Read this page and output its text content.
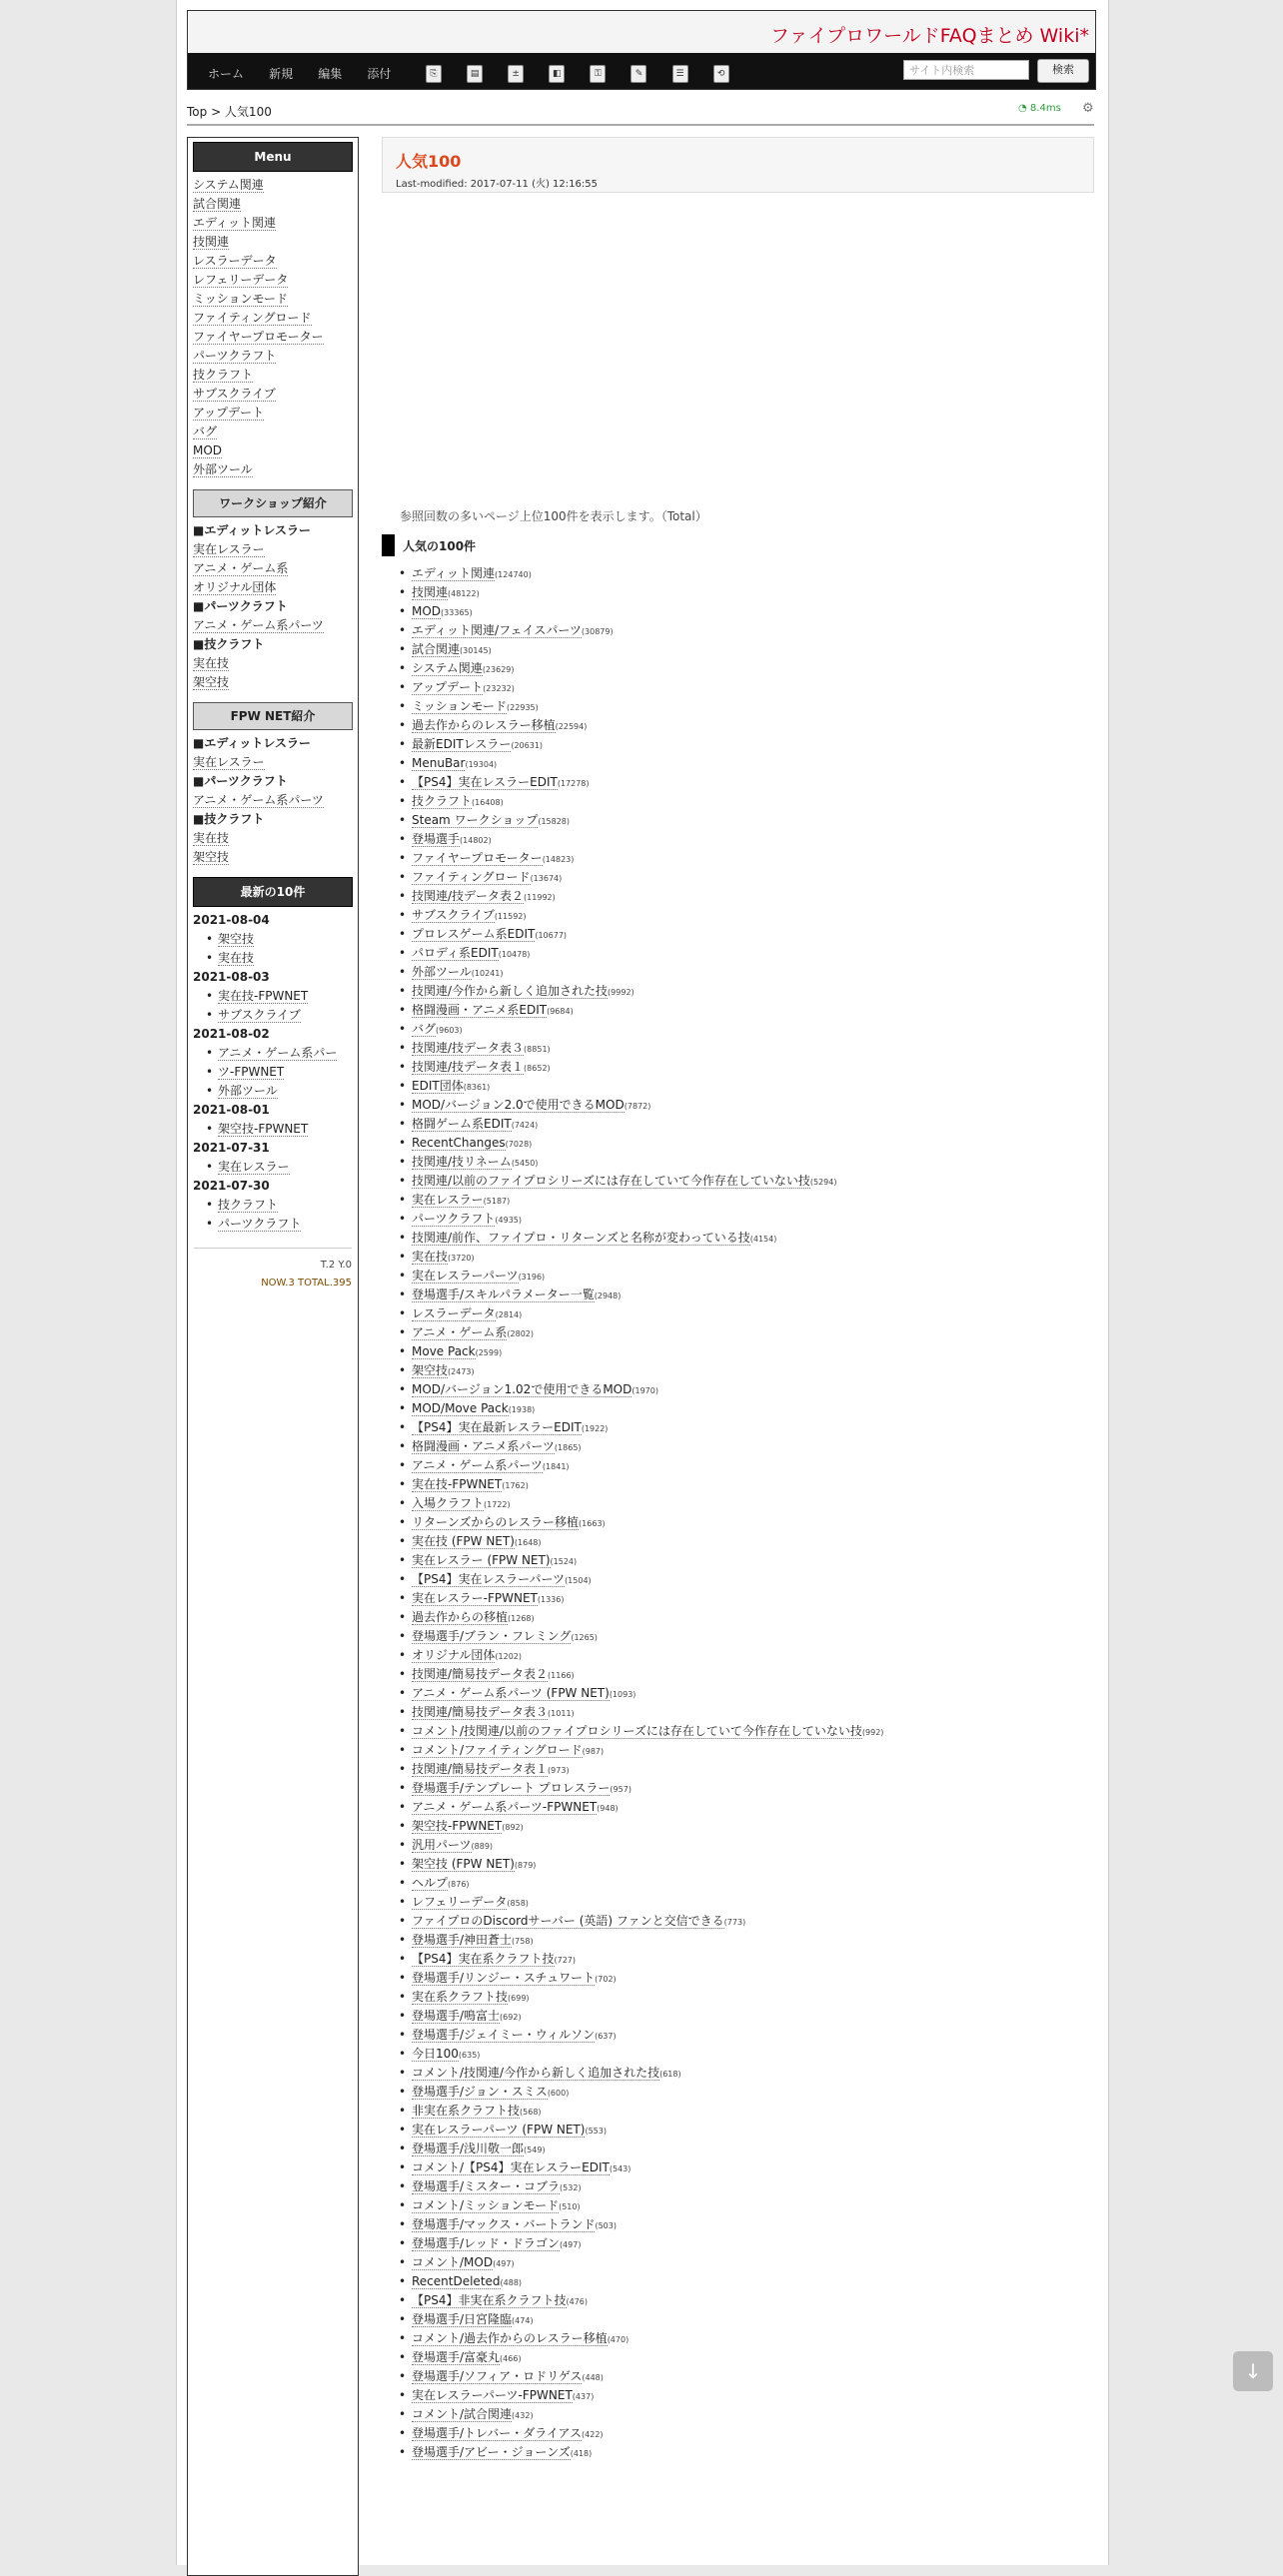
ファイプロワールドFAQまとめ Wiki*
ホーム 新規 編集 添付	⎘	▤	±	◧	⚿	✎	☰	⟲	サイト内検索	検索
Top > 人気100	◔ 8.4ms ⚙
Menu
システム関連
試合関連
エディット関連
技関連
レスラーデータ
レフェリーデータ
ミッションモード
ファイティングロード
ファイヤープロモーター
パーツクラフト
技クラフト
サブスクライブ
アップデート
バグ
MOD
外部ツール
ワークショップ紹介
■エディットレスラー
実在レスラー
アニメ・ゲーム系
オリジナル団体
■パーツクラフト
アニメ・ゲーム系パーツ
■技クラフト
実在技
架空技
FPW NET紹介
■エディットレスラー
実在レスラー
■パーツクラフト
アニメ・ゲーム系パーツ
■技クラフト
実在技
架空技
最新の10件
2021-08-04
• 架空技
• 実在技
2021-08-03
• 実在技-FPWNET
• サブスクライブ
2021-08-02
• アニメ・ゲーム系パー
• ツ-FPWNET
• 外部ツール
2021-08-01
• 架空技-FPWNET
2021-07-31
• 実在レスラー
2021-07-30
• 技クラフト
• パーツクラフト
T.2 Y.0
NOW.3 TOTAL.395
人気100
Last-modified: 2017-07-11 (火) 12:16:55
参照回数の多いページ上位100件を表示します。（Total）
人気の100件
• エディット関連(124740)
• 技関連(48122)
• MOD(33365)
• エディット関連/フェイスパーツ(30879)
• 試合関連(30145)
• システム関連(23629)
• アップデート(23232)
• ミッションモード(22935)
• 過去作からのレスラー移植(22594)
• 最新EDITレスラー(20631)
• MenuBar(19304)
• 【PS4】実在レスラーEDIT(17278)
• 技クラフト(16408)
• Steam ワークショップ(15828)
• 登場選手(14802)
• ファイヤープロモーター(14823)
• ファイティングロード(13674)
• 技関連/技データ表２(11992)
• サブスクライブ(11592)
• プロレスゲーム系EDIT(10677)
• パロディ系EDIT(10478)
• 外部ツール(10241)
• 技関連/今作から新しく追加された技(9992)
• 格闘漫画・アニメ系EDIT(9684)
• バグ(9603)
• 技関連/技データ表３(8851)
• 技関連/技データ表１(8652)
• EDIT団体(8361)
• MOD/バージョン2.0で使用できるMOD(7872)
• 格闘ゲーム系EDIT(7424)
• RecentChanges(7028)
• 技関連/技リネーム(5450)
• 技関連/以前のファイプロシリーズには存在していて今作存在していない技(5294)
• 実在レスラー(5187)
• パーツクラフト(4935)
• 技関連/前作、ファイプロ・リターンズと名称が変わっている技(4154)
• 実在技(3720)
• 実在レスラーパーツ(3196)
• 登場選手/スキルパラメーター一覧(2948)
• レスラーデータ(2814)
• アニメ・ゲーム系(2802)
• Move Pack(2599)
• 架空技(2473)
• MOD/バージョン1.02で使用できるMOD(1970)
• MOD/Move Pack(1938)
• 【PS4】実在最新レスラーEDIT(1922)
• 格闘漫画・アニメ系パーツ(1865)
• アニメ・ゲーム系パーツ(1841)
• 実在技-FPWNET(1762)
• 入場クラフト(1722)
• リターンズからのレスラー移植(1663)
• 実在技 (FPW NET)(1648)
• 実在レスラー (FPW NET)(1524)
• 【PS4】実在レスラーパーツ(1504)
• 実在レスラー-FPWNET(1336)
• 過去作からの移植(1268)
• 登場選手/ブラン・フレミング(1265)
• オリジナル団体(1202)
• 技関連/簡易技データ表２(1166)
• アニメ・ゲーム系パーツ (FPW NET)(1093)
• 技関連/簡易技データ表３(1011)
• コメント/技関連/以前のファイプロシリーズには存在していて今作存在していない技(992)
• コメント/ファイティングロード(987)
• 技関連/簡易技データ表１(973)
• 登場選手/テンプレート プロレスラー(957)
• アニメ・ゲーム系パーツ-FPWNET(948)
• 架空技-FPWNET(892)
• 汎用パーツ(889)
• 架空技 (FPW NET)(879)
• ヘルプ(876)
• レフェリーデータ(858)
• ファイプロのDiscordサーバー (英語) ファンと交信できる(773)
• 登場選手/神田蒼士(758)
• 【PS4】実在系クラフト技(727)
• 登場選手/リンジー・スチュワート(702)
• 実在系クラフト技(699)
• 登場選手/鳴富士(692)
• 登場選手/ジェイミー・ウィルソン(637)
• 今日100(635)
• コメント/技関連/今作から新しく追加された技(618)
• 登場選手/ジョン・スミス(600)
• 非実在系クラフト技(568)
• 実在レスラーパーツ (FPW NET)(553)
• 登場選手/浅川敬一郎(549)
• コメント/【PS4】実在レスラーEDIT(543)
• 登場選手/ミスター・コブラ(532)
• コメント/ミッションモード(510)
• 登場選手/マックス・バートランド(503)
• 登場選手/レッド・ドラゴン(497)
• コメント/MOD(497)
• RecentDeleted(488)
• 【PS4】非実在系クラフト技(476)
• 登場選手/日宮隆臨(474)
• コメント/過去作からのレスラー移植(470)
• 登場選手/富豪丸(466)
• 登場選手/ソフィア・ロドリゲス(448)
• 実在レスラーパーツ-FPWNET(437)
• コメント/試合関連(432)
• 登場選手/トレバー・ダライアス(422)
• 登場選手/アビー・ジョーンズ(418)
↓
